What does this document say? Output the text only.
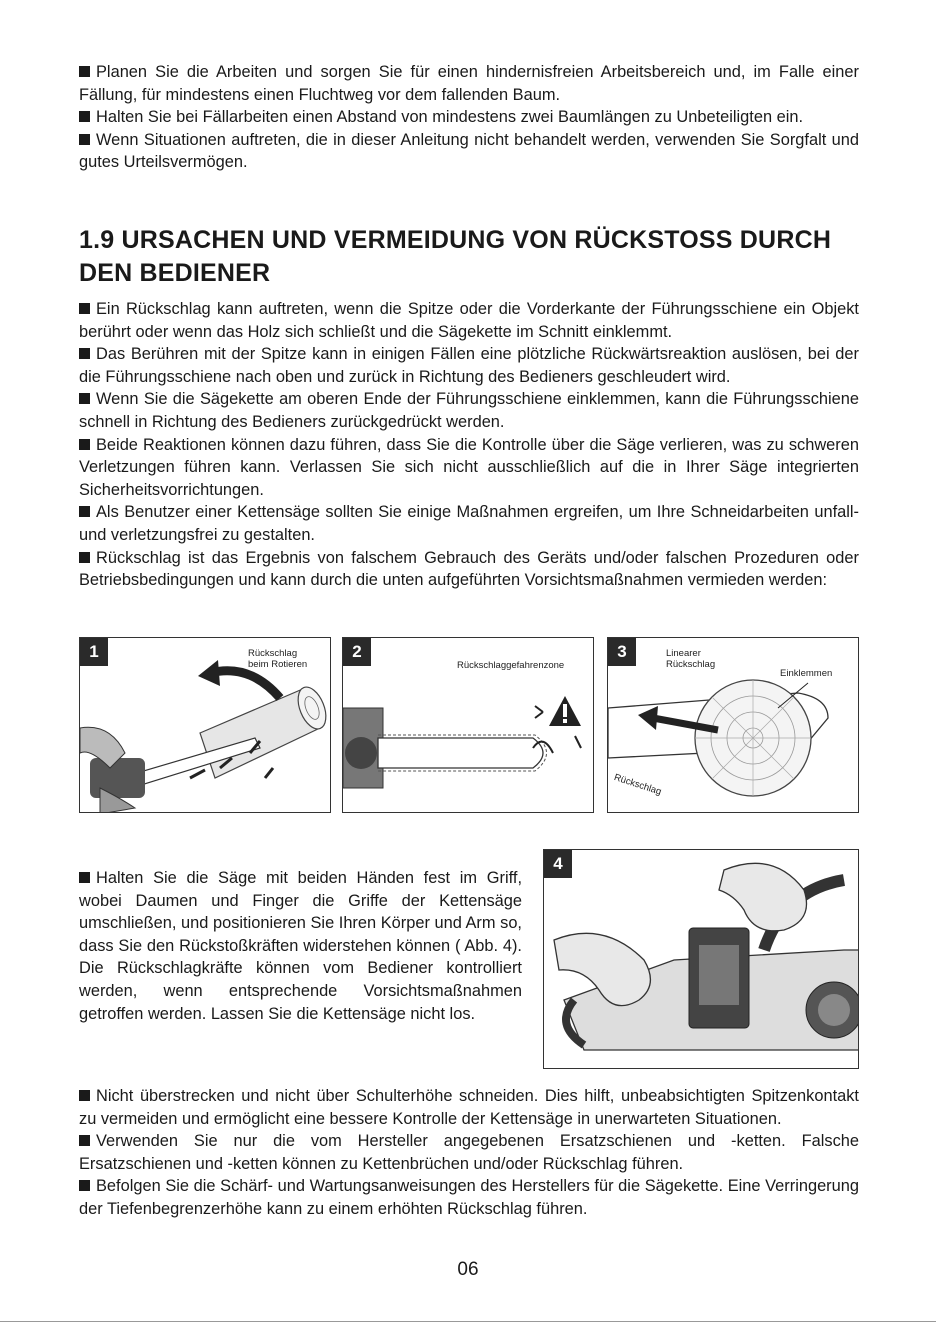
Planen Sie die Arbeiten und sorgen Sie für einen hindernisfreien Arbeitsbereich und, im Falle einer Fällung, für mindestens einen Fluchtweg vor dem fallenden Baum.

Halten Sie bei Fällarbeiten einen Abstand von mindestens zwei Baumlängen zu Unbeteiligten ein.

Wenn Situationen auftreten, die in dieser Anleitung nicht behandelt werden, verwenden Sie Sorgfalt und gutes Urteilsvermögen.

1.9 URSACHEN UND VERMEIDUNG VON RÜCKSTOSS DURCH DEN BEDIENER

Ein Rückschlag kann auftreten, wenn die Spitze oder die Vorderkante der Führungsschiene ein Objekt berührt oder wenn das Holz sich schließt und die Sägekette im Schnitt einklemmt.

Das Berühren mit der Spitze kann in einigen Fällen eine plötzliche Rückwärtsreaktion auslösen, bei der die Führungsschiene nach oben und zurück in Richtung des Bedieners geschleudert wird.

Wenn Sie die Sägekette am oberen Ende der Führungsschiene einklemmen, kann die Führungsschiene schnell in Richtung des Bedieners zurückgedrückt werden.

Beide Reaktionen können dazu führen, dass Sie die Kontrolle über die Säge verlieren, was zu schweren Verletzungen führen kann. Verlassen Sie sich nicht ausschließlich auf die in Ihrer Säge integrierten Sicherheitsvorrichtungen.

Als Benutzer einer Kettensäge sollten Sie einige Maßnahmen ergreifen, um Ihre Schneidarbeiten unfall- und verletzungsfrei zu gestalten.

Rückschlag ist das Ergebnis von falschem Gebrauch des Geräts und/oder falschen Prozeduren oder Betriebsbedingungen und kann durch die unten aufgeführten Vorsichtsmaßnahmen vermieden werden:

1	Rückschlag
beim Rotieren
2
Rückschlaggefahrenzone
3	Linearer
Rückschlag
Einklemmen
Rückschlag

Halten Sie die Säge mit beiden Händen fest im Griff, wobei Daumen und Finger die Griffe der Kettensäge umschließen, und positionieren Sie Ihren Körper und Arm so, dass Sie den Rückstoßkräften widerstehen können ( Abb. 4). Die Rückschlagkräfte können vom Bediener kontrolliert werden, wenn entsprechende Vorsichtsmaßnahmen getroffen werden. Lassen Sie die Kettensäge nicht los.

4

Nicht überstrecken und nicht über Schulterhöhe schneiden. Dies hilft, unbeabsichtigten Spitzenkontakt zu vermeiden und ermöglicht eine bessere Kontrolle der Kettensäge in unerwarteten Situationen.

Verwenden Sie nur die vom Hersteller angegebenen Ersatzschienen und -ketten. Falsche Ersatzschienen und -ketten können zu Kettenbrüchen und/oder Rückschlag führen.

Befolgen Sie die Schärf- und Wartungsanweisungen des Herstellers für die Sägekette. Eine Verringerung der Tiefenbegrenzerhöhe kann zu einem erhöhten Rückschlag führen.

06
